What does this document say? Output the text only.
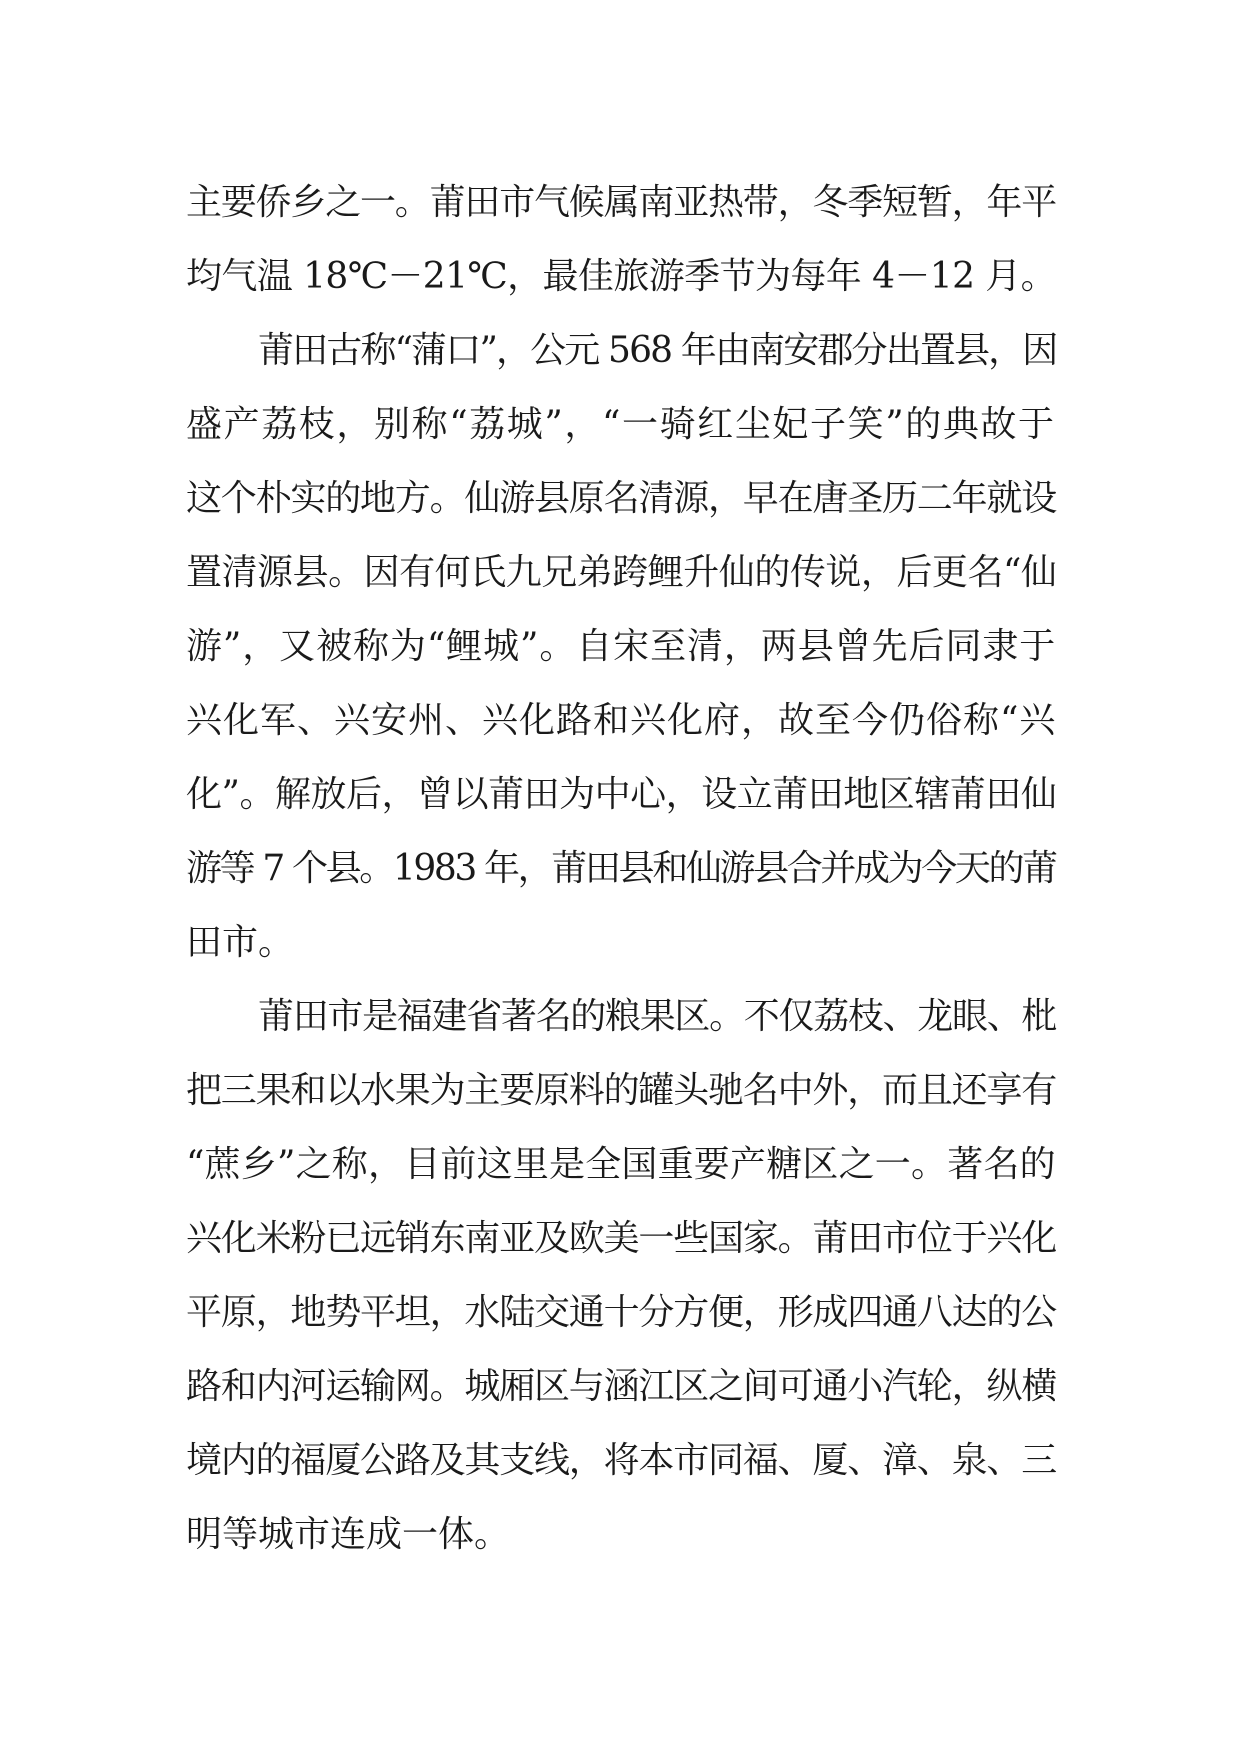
主要侨乡之一。莆田市气候属南亚热带，冬季短暂，年平
均气温 18℃－21℃，最佳旅游季节为每年 4－12 月。
莆田古称“蒲口”，公元 568 年由南安郡分出置县，因
盛产荔枝，别称“荔城”，“一骑红尘妃子笑”的典故于
这个朴实的地方。仙游县原名清源，早在唐圣历二年就设
置清源县。因有何氏九兄弟跨鲤升仙的传说，后更名“仙
游”，又被称为“鲤城”。自宋至清，两县曾先后同隶于
兴化军、兴安州、兴化路和兴化府，故至今仍俗称“兴
化”。解放后，曾以莆田为中心，设立莆田地区辖莆田仙
游等 7 个县。1983 年，莆田县和仙游县合并成为今天的莆
田市。
莆田市是福建省著名的粮果区。不仅荔枝、龙眼、枇
把三果和以水果为主要原料的罐头驰名中外，而且还享有
“蔗乡”之称，目前这里是全国重要产糖区之一。著名的
兴化米粉已远销东南亚及欧美一些国家。莆田市位于兴化
平原，地势平坦，水陆交通十分方便，形成四通八达的公
路和内河运输网。城厢区与涵江区之间可通小汽轮，纵横
境内的福厦公路及其支线，将本市同福、厦、漳、泉、三
明等城市连成一体。
